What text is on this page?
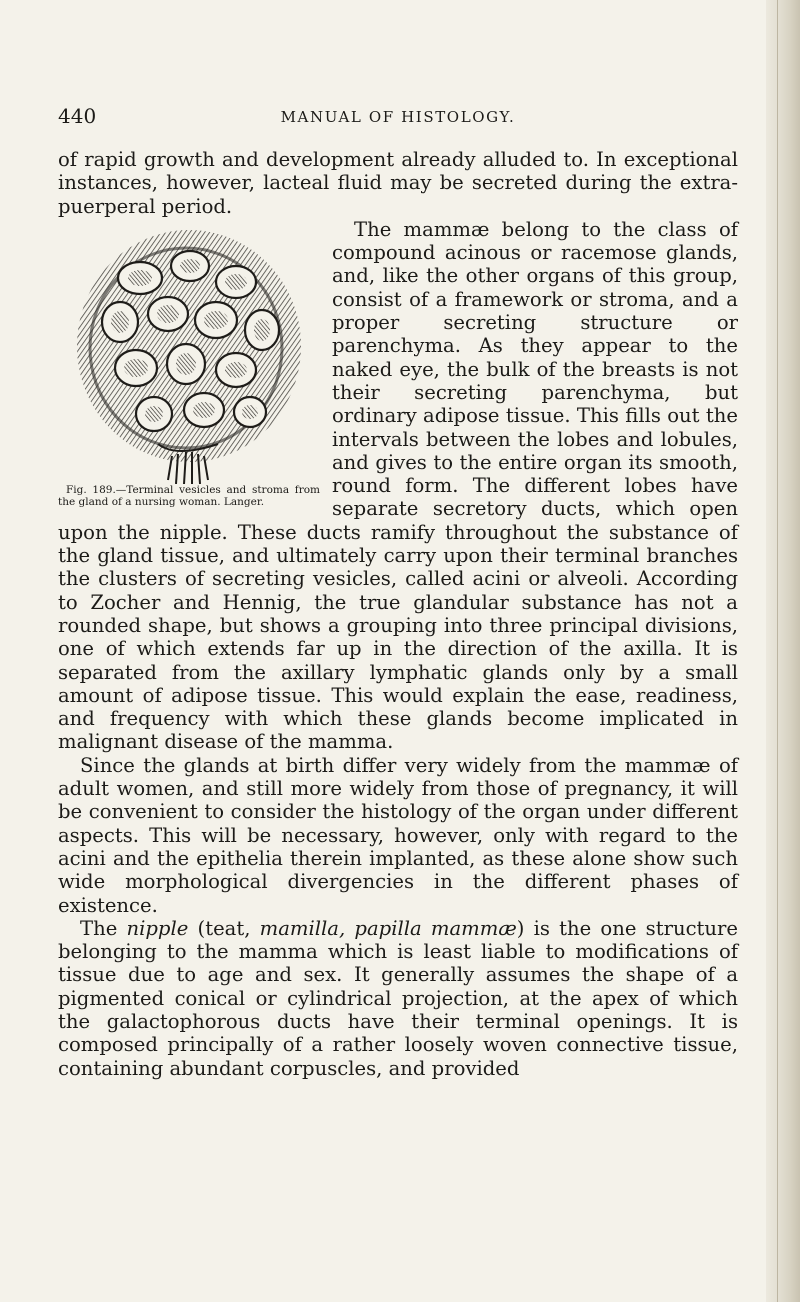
440	MANUAL OF HISTOLOGY.

of rapid growth and development already alluded to. In exceptional instances, however, lacteal fluid may be secreted during the extra-puerperal period.

Fig. 189.—Terminal vesicles and stroma from the gland of a nursing woman. Langer.
The mammæ belong to the class of compound acinous or racemose glands, and, like the other organs of this group, consist of a framework or stroma, and a proper secreting structure or parenchyma. As they appear to the naked eye, the bulk of the breasts is not their secreting parenchyma, but ordinary adipose tissue. This fills out the intervals between the lobes and lobules, and gives to the entire organ its smooth, round form. The different lobes have separate secretory ducts, which open upon the nipple. These ducts ramify throughout the substance of the gland tissue, and ultimately carry upon their terminal branches the clusters of secreting vesicles, called acini or alveoli. According to Zocher and Hennig, the true glandular substance has not a rounded shape, but shows a grouping into three principal divisions, one of which extends far up in the direction of the axilla. It is separated from the axillary lymphatic glands only by a small amount of adipose tissue. This would explain the ease, readiness, and frequency with which these glands become implicated in malignant disease of the mamma.

Since the glands at birth differ very widely from the mammæ of adult women, and still more widely from those of pregnancy, it will be convenient to consider the histology of the organ under different aspects. This will be necessary, however, only with regard to the acini and the epithelia therein implanted, as these alone show such wide morphological divergencies in the different phases of existence.

The nipple (teat, mamilla, papilla mammæ) is the one structure belonging to the mamma which is least liable to modifications of tissue due to age and sex. It generally assumes the shape of a pigmented conical or cylindrical projection, at the apex of which the galactophorous ducts have their terminal openings. It is composed principally of a rather loosely woven connective tissue, containing abundant corpuscles, and provided
